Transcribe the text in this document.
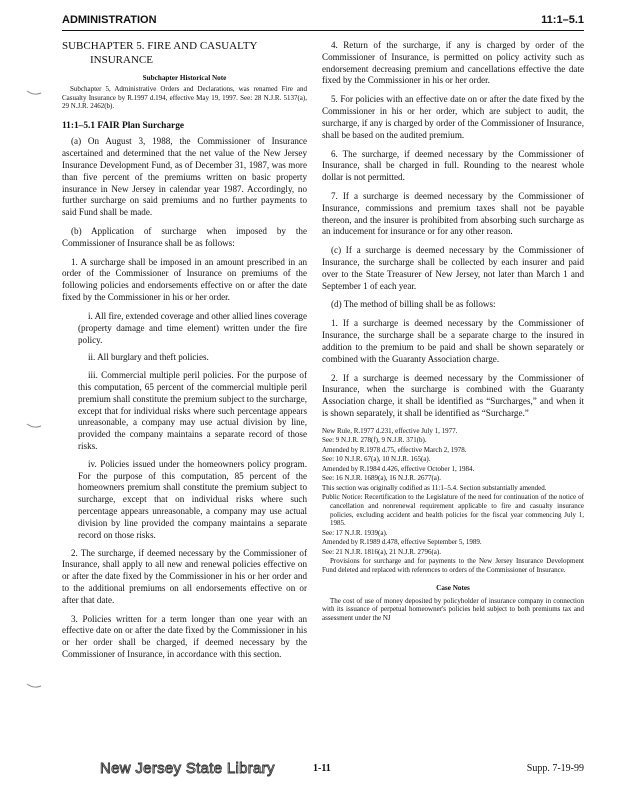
ADMINISTRATION	11:1–5.1
SUBCHAPTER 5. FIRE AND CASUALTY
INSURANCE
Subchapter Historical Note
Subchapter 5, Administrative Orders and Declarations, was renamed Fire and Casualty Insurance by R.1997 d.194, effective May 19, 1997. See: 28 N.J.R. 5137(a), 29 N.J.R. 2462(b).
11:1–5.1 FAIR Plan Surcharge

(a) On August 3, 1988, the Commissioner of Insurance ascertained and determined that the net value of the New Jersey Insurance Development Fund, as of December 31, 1987, was more than five percent of the premiums written on basic property insurance in New Jersey in calendar year 1987. Accordingly, no further surcharge on said premiums and no further payments to said Fund shall be made.

(b) Application of surcharge when imposed by the Commissioner of Insurance shall be as follows:

1. A surcharge shall be imposed in an amount prescribed in an order of the Commissioner of Insurance on premiums of the following policies and endorsements effective on or after the date fixed by the Commissioner in his or her order.

i. All fire, extended coverage and other allied lines coverage (property damage and time element) written under the fire policy.

ii. All burglary and theft policies.

iii. Commercial multiple peril policies. For the purpose of this computation, 65 percent of the commercial multiple peril premium shall constitute the premium subject to the surcharge, except that for individual risks where such percentage appears unreasonable, a company may use actual division by line, provided the company maintains a separate record of those risks.

iv. Policies issued under the homeowners policy program. For the purpose of this computation, 85 percent of the homeowners premium shall constitute the premium subject to surcharge, except that on individual risks where such percentage appears unreasonable, a company may use actual division by line provided the company maintains a separate record on those risks.

2. The surcharge, if deemed necessary by the Commissioner of Insurance, shall apply to all new and renewal policies effective on or after the date fixed by the Commissioner in his or her order and to the additional premiums on all endorsements effective on or after that date.

3. Policies written for a term longer than one year with an effective date on or after the date fixed by the Commissioner in his or her order shall be charged, if deemed necessary by the Commissioner of Insurance, in accordance with this section.

4. Return of the surcharge, if any is charged by order of the Commissioner of Insurance, is permitted on policy activity such as endorsement decreasing premium and cancellations effective the date fixed by the Commissioner in his or her order.

5. For policies with an effective date on or after the date fixed by the Commissioner in his or her order, which are subject to audit, the surcharge, if any is charged by order of the Commissioner of Insurance, shall be based on the audited premium.

6. The surcharge, if deemed necessary by the Commissioner of Insurance, shall be charged in full. Rounding to the nearest whole dollar is not permitted.

7. If a surcharge is deemed necessary by the Commissioner of Insurance, commissions and premium taxes shall not be payable thereon, and the insurer is prohibited from absorbing such surcharge as an inducement for insurance or for any other reason.

(c) If a surcharge is deemed necessary by the Commissioner of Insurance, the surcharge shall be collected by each insurer and paid over to the State Treasurer of New Jersey, not later than March 1 and September 1 of each year.

(d) The method of billing shall be as follows:

1. If a surcharge is deemed necessary by the Commissioner of Insurance, the surcharge shall be a separate charge to the insured in addition to the premium to be paid and shall be shown separately or combined with the Guaranty Association charge.

2. If a surcharge is deemed necessary by the Commissioner of Insurance, when the surcharge is combined with the Guaranty Association charge, it shall be identified as “Surcharges,” and when it is shown separately, it shall be identified as “Surcharge.”

New Rule, R.1977 d.231, effective July 1, 1977.

See: 9 N.J.R. 278(f), 9 N.J.R. 371(b).

Amended by R.1978 d.75, effective March 2, 1978.

See: 10 N.J.R. 67(a), 10 N.J.R. 165(a).

Amended by R.1984 d.426, effective October 1, 1984.

See: 16 N.J.R. 1689(a), 16 N.J.R. 2677(a).

This section was originally codified as 11:1–5.4. Section substantially amended.

Public Notice: Recertification to the Legislature of the need for continuation of the notice of cancellation and nonrenewal requirement applicable to fire and casualty insurance policies, excluding accident and health policies for the fiscal year commencing July 1, 1985.

See: 17 N.J.R. 1939(a).

Amended by R.1989 d.478, effective September 5, 1989.

See: 21 N.J.R. 1816(a), 21 N.J.R. 2796(a).

Provisions for surcharge and for payments to the New Jersey Insurance Development Fund deleted and replaced with references to orders of the Commissioner of Insurance.

Case Notes

The cost of use of money deposited by policyholder of insurance company in connection with its issuance of perpetual homeowner's policies held subject to both premiums tax and assessment under the NJ

New Jersey State Library	1-11	Supp. 7-19-99
